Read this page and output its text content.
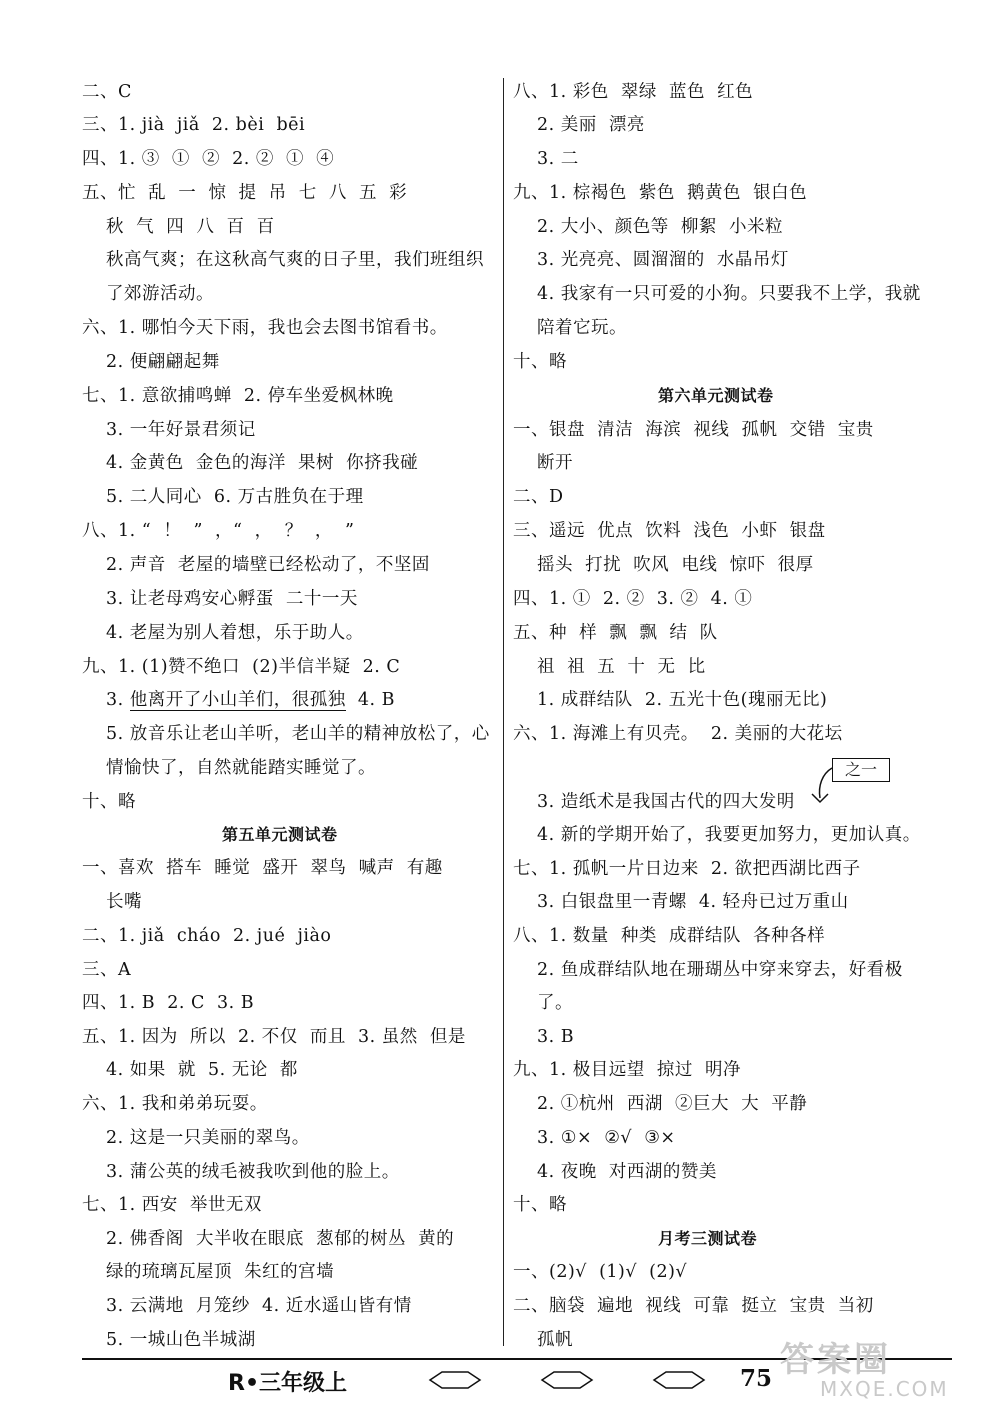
二、C
三、1. jià  jiǎ  2. bèi  bēi
四、1. ③  ①  ②  2. ②  ①  ④
五、忙  乱  一  惊  提  吊  七  八  五  彩
秋  气  四  八  百  百
秋高气爽；在这秋高气爽的日子里，我们班组织
了郊游活动。
六、1. 哪怕今天下雨，我也会去图书馆看书。
2. 便翩翩起舞
七、1. 意欲捕鸣蝉  2. 停车坐爱枫林晚
3. 一年好景君须记
4. 金黄色  金色的海洋  果树  你挤我碰
5. 二人同心  6. 万古胜负在于理
八、1. “  ！  ”  ，“  ，  ？  ，  ”
2. 声音  老屋的墙壁已经松动了，不坚固
3. 让老母鸡安心孵蛋  二十一天
4. 老屋为别人着想，乐于助人。
九、1. (1)赞不绝口  (2)半信半疑  2. C
3. 他离开了小山羊们，很孤独  4. B
5. 放音乐让老山羊听，老山羊的精神放松了，心
情愉快了，自然就能踏实睡觉了。
十、略
第五单元测试卷
一、喜欢  搭车  睡觉  盛开  翠鸟  喊声  有趣
长嘴
二、1. jiǎ  cháo  2. jué  jiào
三、A
四、1. B  2. C  3. B
五、1. 因为  所以  2. 不仅  而且  3. 虽然  但是
4. 如果  就  5. 无论  都
六、1. 我和弟弟玩耍。
2. 这是一只美丽的翠鸟。
3. 蒲公英的绒毛被我吹到他的脸上。
七、1. 西安  举世无双
2. 佛香阁  大半收在眼底  葱郁的树丛  黄的
绿的琉璃瓦屋顶  朱红的宫墙
3. 云满地  月笼纱  4. 近水遥山皆有情
5. 一城山色半城湖
八、1. 彩色  翠绿  蓝色  红色
2. 美丽  漂亮
3. 二
九、1. 棕褐色  紫色  鹅黄色  银白色
2. 大小、颜色等  柳絮  小米粒
3. 光亮亮、圆溜溜的  水晶吊灯
4. 我家有一只可爱的小狗。只要我不上学，我就
陪着它玩。
十、略
第六单元测试卷
一、银盘  清洁  海滨  视线  孤帆  交错  宝贵
断开
二、D
三、遥远  优点  饮料  浅色  小虾  银盘
摇头  打扰  吹风  电线  惊吓  很厚
四、1. ①  2. ②  3. ②  4. ①
五、种  样  飘  飘  结  队
祖  祖  五  十  无  比
1. 成群结队  2. 五光十色(瑰丽无比)
六、1. 海滩上有贝壳。  2. 美丽的大花坛
3. 造纸术是我国古代的四大发明
4. 新的学期开始了，我要更加努力，更加认真。
七、1. 孤帆一片日边来  2. 欲把西湖比西子
3. 白银盘里一青螺  4. 轻舟已过万重山
八、1. 数量  种类  成群结队  各种各样
2. 鱼成群结队地在珊瑚丛中穿来穿去，好看极
了。
3. B
九、1. 极目远望  掠过  明净
2. ①杭州  西湖  ②巨大  大  平静
3. ①×  ②√  ③×
4. 夜晚  对西湖的赞美
十、略
月考三测试卷
一、(2)√  (1)√  (2)√
二、脑袋  遍地  视线  可靠  挺立  宝贵  当初
孤帆
之一
R•三年级上	75 答案圈
MXQE.COM
